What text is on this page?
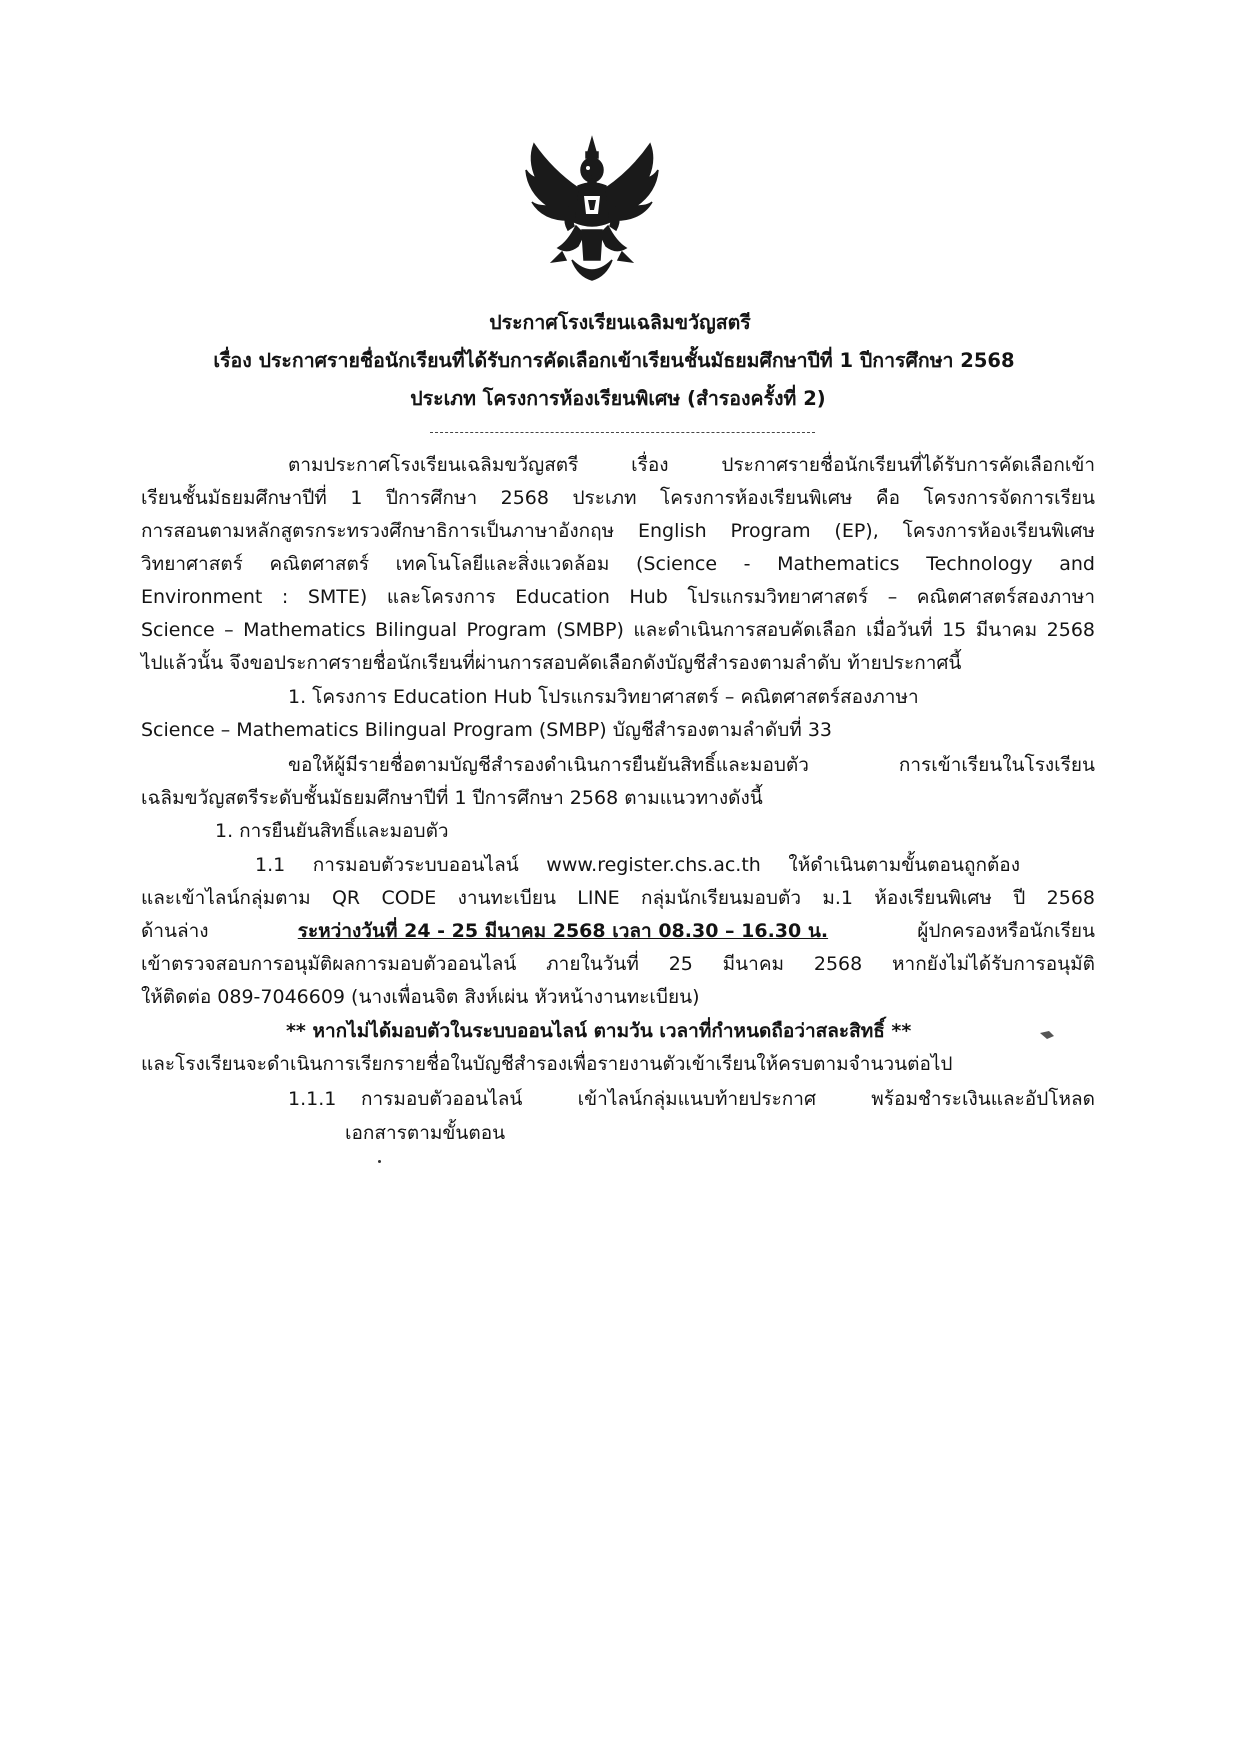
ประกาศโรงเรียนเฉลิมขวัญสตรี
เรื่อง ประกาศรายชื่อนักเรียนที่ได้รับการคัดเลือกเข้าเรียนชั้นมัธยมศึกษาปีที่ 1 ปีการศึกษา 2568
ประเภท โครงการห้องเรียนพิเศษ (สำรองครั้งที่ 2)
ตามประกาศโรงเรียนเฉลิมขวัญสตรี เรื่อง ประกาศรายชื่อนักเรียนที่ได้รับการคัดเลือกเข้า
เรียนชั้นมัธยมศึกษาปีที่ 1 ปีการศึกษา 2568 ประเภท โครงการห้องเรียนพิเศษ คือ โครงการจัดการเรียน
การสอนตามหลักสูตรกระทรวงศึกษาธิการเป็นภาษาอังกฤษ English Program (EP), โครงการห้องเรียนพิเศษ
วิทยาศาสตร์ คณิตศาสตร์ เทคโนโลยีและสิ่งแวดล้อม (Science - Mathematics Technology and
Environment : SMTE) และโครงการ Education Hub โปรแกรมวิทยาศาสตร์ – คณิตศาสตร์สองภาษา
Science – Mathematics Bilingual Program (SMBP) และดำเนินการสอบคัดเลือก เมื่อวันที่ 15 มีนาคม 2568
ไปแล้วนั้น จึงขอประกาศรายชื่อนักเรียนที่ผ่านการสอบคัดเลือกดังบัญชีสำรองตามลำดับ ท้ายประกาศนี้
1. โครงการ Education Hub โปรแกรมวิทยาศาสตร์ – คณิตศาสตร์สองภาษา
Science – Mathematics Bilingual Program (SMBP) บัญชีสำรองตามลำดับที่ 33
ขอให้ผู้มีรายชื่อตามบัญชีสำรองดำเนินการยืนยันสิทธิ์และมอบตัว การเข้าเรียนในโรงเรียน
เฉลิมขวัญสตรีระดับชั้นมัธยมศึกษาปีที่ 1 ปีการศึกษา 2568 ตามแนวทางดังนี้
1. การยืนยันสิทธิ์และมอบตัว
1.1 การมอบตัวระบบออนไลน์ www.register.chs.ac.th ให้ดำเนินตามขั้นตอนถูกต้อง
และเข้าไลน์กลุ่มตาม QR CODE งานทะเบียน LINE กลุ่มนักเรียนมอบตัว ม.1 ห้องเรียนพิเศษ ปี 2568
ด้านล่าง	ระหว่างวันที่ 24 - 25 มีนาคม 2568 เวลา 08.30 – 16.30 น.	ผู้ปกครองหรือนักเรียน
เข้าตรวจสอบการอนุมัติผลการมอบตัวออนไลน์ ภายในวันที่ 25 มีนาคม 2568 หากยังไม่ได้รับการอนุมัติ
ให้ติดต่อ 089-7046609 (นางเพื่อนจิต สิงห์เผ่น หัวหน้างานทะเบียน)
** หากไม่ได้มอบตัวในระบบออนไลน์ ตามวัน เวลาที่กำหนดถือว่าสละสิทธิ์ **
และโรงเรียนจะดำเนินการเรียกรายชื่อในบัญชีสำรองเพื่อรายงานตัวเข้าเรียนให้ครบตามจำนวนต่อไป
1.1.1 การมอบตัวออนไลน์ เข้าไลน์กลุ่มแนบท้ายประกาศ พร้อมชำระเงินและอัปโหลด
เอกสารตามขั้นตอน
